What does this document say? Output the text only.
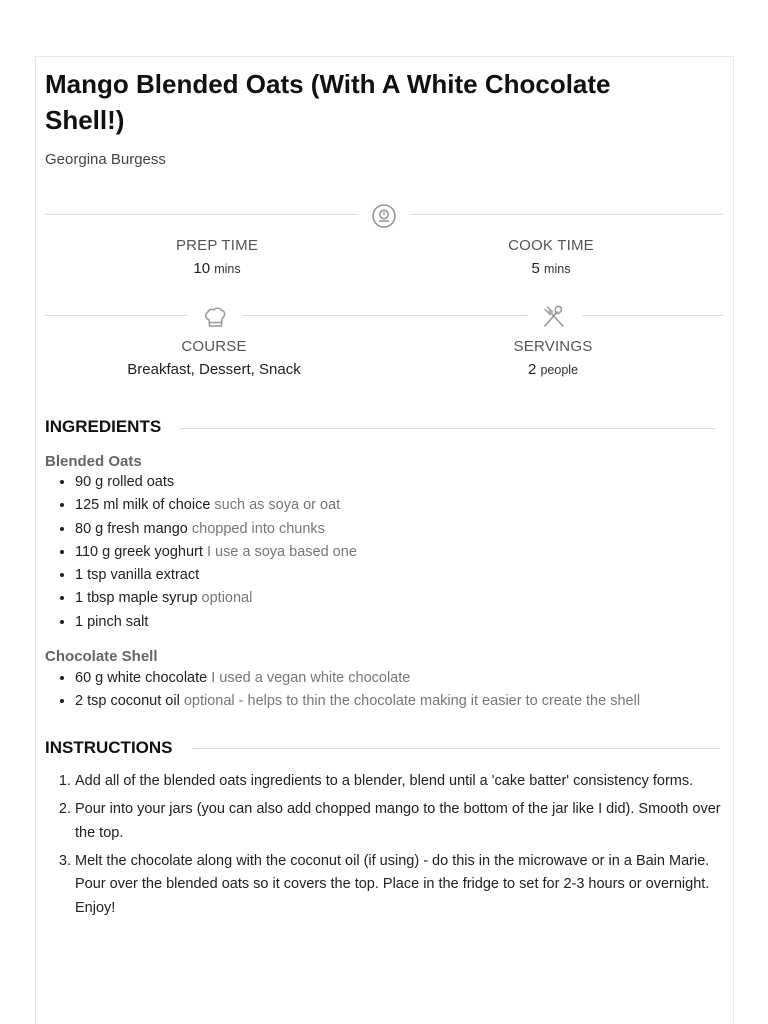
Mango Blended Oats (With A White Chocolate Shell!)
Georgina Burgess
PREP TIME
10 mins
COOK TIME
5 mins
COURSE
Breakfast, Dessert, Snack
SERVINGS
2 people
INGREDIENTS
Blended Oats
• 90 g rolled oats
• 125 ml milk of choice such as soya or oat
• 80 g fresh mango chopped into chunks
• 110 g greek yoghurt I use a soya based one
• 1 tsp vanilla extract
• 1 tbsp maple syrup optional
• 1 pinch salt
Chocolate Shell
• 60 g white chocolate I used a vegan white chocolate
• 2 tsp coconut oil optional - helps to thin the chocolate making it easier to create the shell
INSTRUCTIONS
1. Add all of the blended oats ingredients to a blender, blend until a 'cake batter' consistency forms.
2. Pour into your jars (you can also add chopped mango to the bottom of the jar like I did). Smooth over the top.
3. Melt the chocolate along with the coconut oil (if using) - do this in the microwave or in a Bain Marie. Pour over the blended oats so it covers the top. Place in the fridge to set for 2-3 hours or overnight. Enjoy!
